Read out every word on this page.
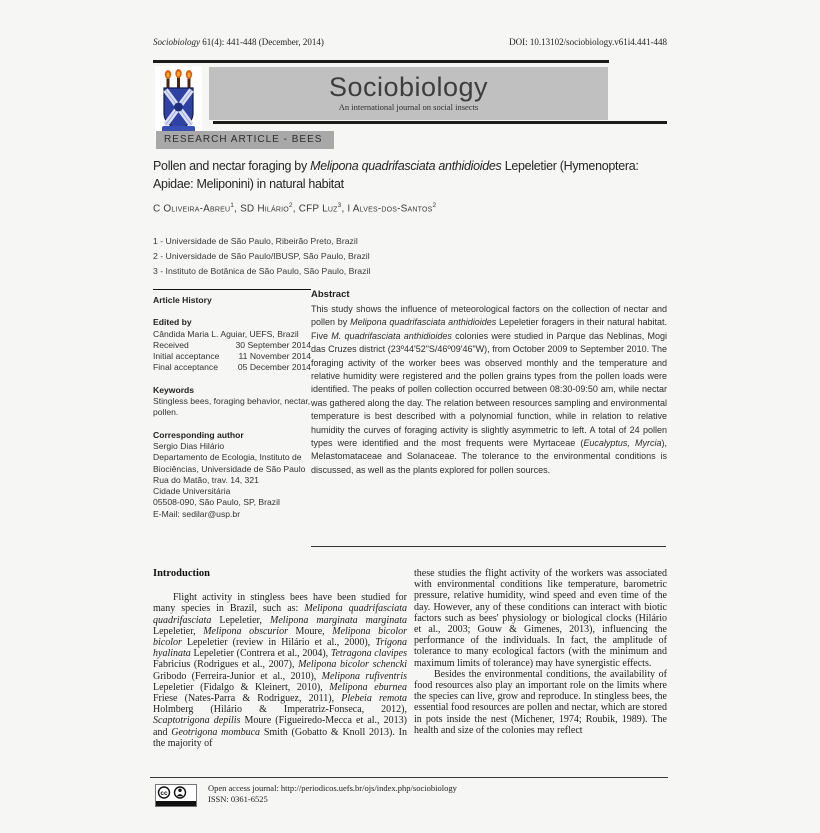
Sociobiology 61(4): 441-448 (December, 2014)	DOI: 10.13102/sociobiology.v61i4.441-448
Sociobiology
An international journal on social insects
RESEARCH ARTICLE - BEES
Pollen and nectar foraging by Melipona quadrifasciata anthidioides Lepeletier (Hymenoptera: Apidae: Meliponini) in natural habitat
C Oliveira-Abreu$^1$, SD Hilário$^2$, CFP Luz$^3$, I Alves-dos-Santos$^2$
1 - Universidade de São Paulo, Ribeirão Preto, Brazil
2 - Universidade de São Paulo/IBUSP, São Paulo, Brazil
3 - Instituto de Botânica de São Paulo, São Paulo, Brazil
Article History
Edited by
Cândida Maria L. Aguiar, UEFS, Brazil
Received	30 September 2014
Initial acceptance 11 November 2014
Final acceptance 05 December 2014
Keywords
Stingless bees, foraging behavior, nectar, pollen.
Corresponding author
Sergio Dias Hilário
Departamento de Ecologia, Instituto de Biociências, Universidade de São Paulo
Rua do Matão, trav. 14, 321
Cidade Universitária
05508-090, São Paulo, SP, Brazil
E-Mail: sedilar@usp.br
Abstract

This study shows the influence of meteorological factors on the collection of nectar and pollen by Melipona quadrifasciata anthidioides Lepeletier foragers in their natural habitat. Five M. quadrifasciata anthidioides colonies were studied in Parque das Neblinas, Mogi das Cruzes district (23º44'52"S/46º09'46"W), from October 2009 to September 2010. The foraging activity of the worker bees was observed monthly and the temperature and relative humidity were registered and the pollen grains types from the pollen loads were identified. The peaks of pollen collection occurred between 08:30-09:50 am, while nectar was gathered along the day. The relation between resources sampling and environmental temperature is best described with a polynomial function, while in relation to relative humidity the curves of foraging activity is slightly asymmetric to left. A total of 24 pollen types were identified and the most frequents were Myrtaceae (Eucalyptus, Myrcia), Melastomataceae and Solanaceae. The tolerance to the environmental conditions is discussed, as well as the plants explored for pollen sources.

Introduction

Flight activity in stingless bees have been studied for many species in Brazil, such as: Melipona quadrifasciata quadrifasciata Lepeletier, Melipona marginata marginata Lepeletier, Melipona obscurior Moure, Melipona bicolor bicolor Lepeletier (review in Hilário et al., 2000), Trigona hyalinata Lepeletier (Contrera et al., 2004), Tetragona clavipes Fabricius (Rodrigues et al., 2007), Melipona bicolor schencki Gribodo (Ferreira-Junior et al., 2010), Melipona rufiventris Lepeletier (Fidalgo & Kleinert, 2010), Melipona eburnea Friese (Nates-Parra & Rodriguez, 2011), Plebeia remota Holmberg (Hilário & Imperatriz-Fonseca, 2012), Scaptotrigona depilis Moure (Figueiredo-Mecca et al., 2013) and Geotrigona mombuca Smith (Gobatto & Knoll 2013). In the majority of

these studies the flight activity of the workers was associated with environmental conditions like temperature, barometric pressure, relative humidity, wind speed and even time of the day. However, any of these conditions can interact with biotic factors such as bees' physiology or biological clocks (Hilário et al., 2003; Gouw & Gimenes, 2013), influencing the performance of the individuals. In fact, the amplitude of tolerance to many ecological factors (with the minimum and maximum limits of tolerance) may have synergistic effects.

Besides the environmental conditions, the availability of food resources also play an important role on the limits where the species can live, grow and reproduce. In stingless bees, the essential food resources are pollen and nectar, which are stored in pots inside the nest (Michener, 1974; Roubik, 1989). The health and size of the colonies may reflect

cc
Open access journal: http://periodicos.uefs.br/ojs/index.php/sociobiology
ISSN: 0361-6525
